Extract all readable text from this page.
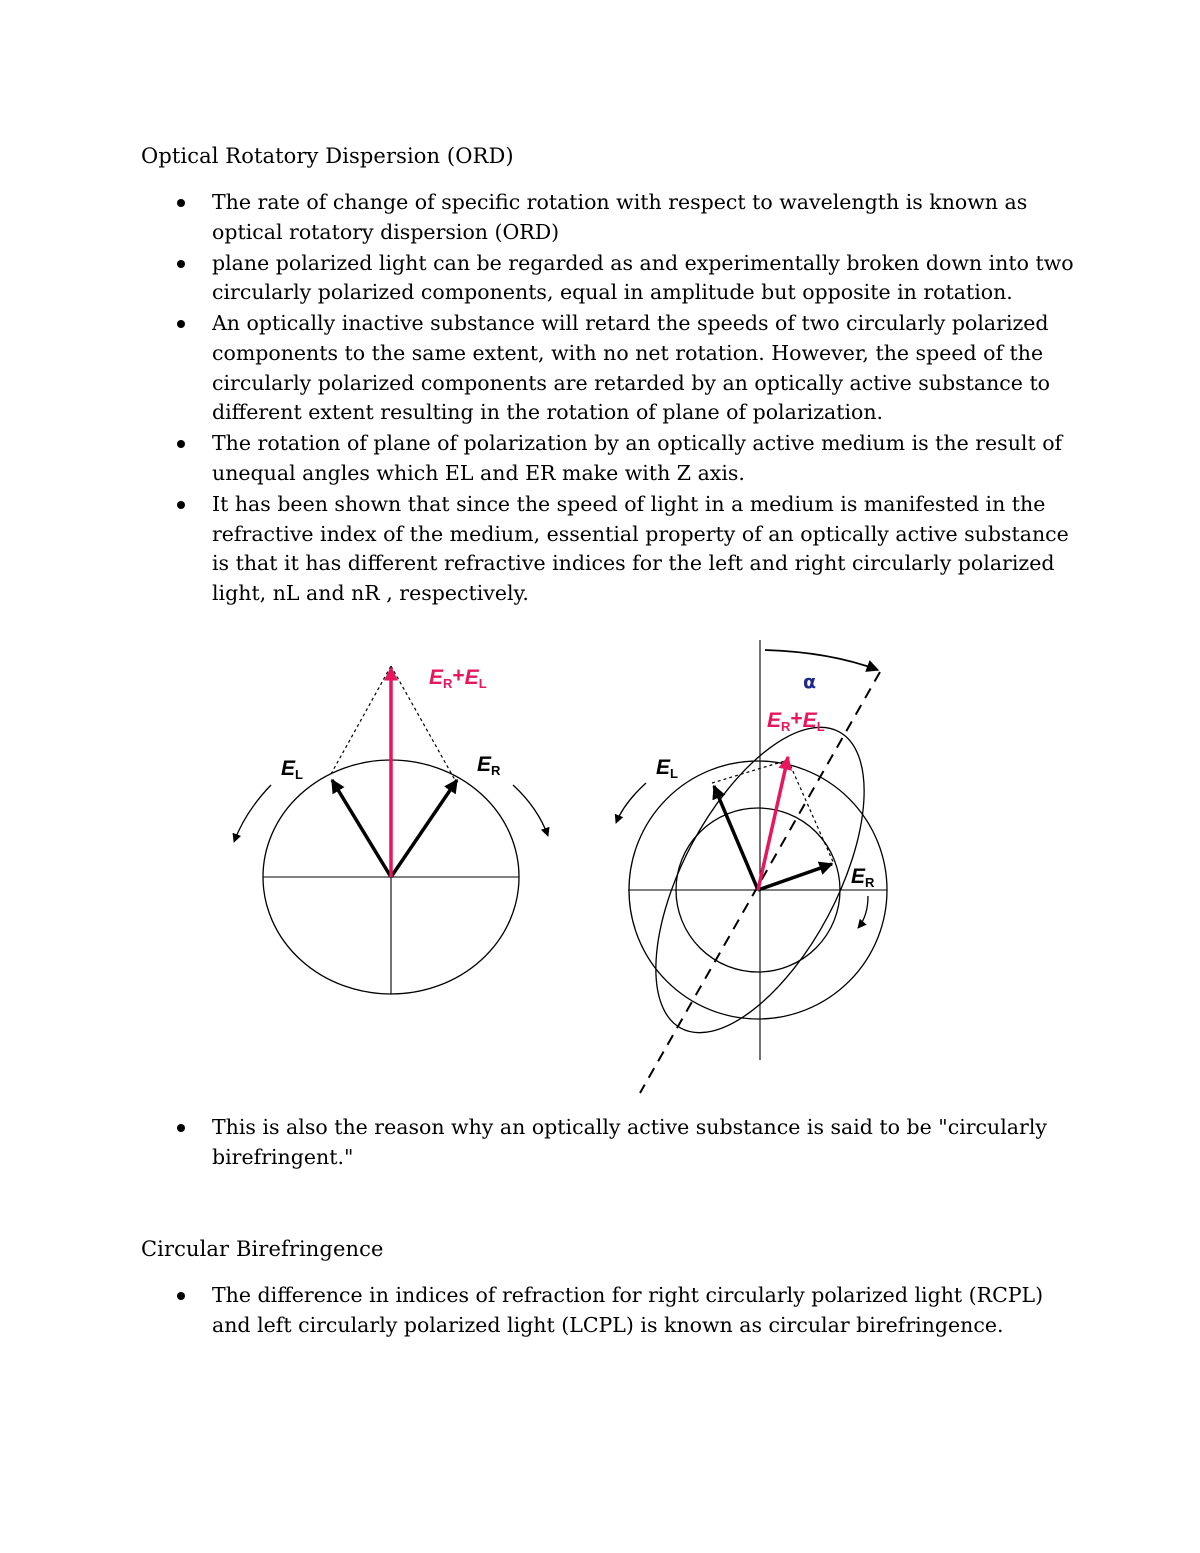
Optical Rotatory Dispersion (ORD)
The rate of change of specific rotation with respect to wavelength is known as optical rotatory dispersion (ORD)
plane polarized light can be regarded as and experimentally broken down into two circularly polarized components, equal in amplitude but opposite in rotation.
An optically inactive substance will retard the speeds of two circularly polarized components to the same extent, with no net rotation. However, the speed of the circularly polarized components are retarded by an optically active substance to different extent resulting in the rotation of plane of polarization.
The rotation of plane of polarization by an optically active medium is the result of unequal angles which EL and ER make with Z axis.
It has been shown that since the speed of light in a medium is manifested in the refractive index of the medium, essential property of an optically active substance is that it has different refractive indices for the left and right circularly polarized light, nL and nR , respectively.
EL	ER
ER+EL	α
EL
ER
ER+EL
This is also the reason why an optically active substance is said to be "circularly birefringent."
Circular Birefringence
The difference in indices of refraction for right circularly polarized light (RCPL) and left circularly polarized light (LCPL) is known as circular birefringence.
